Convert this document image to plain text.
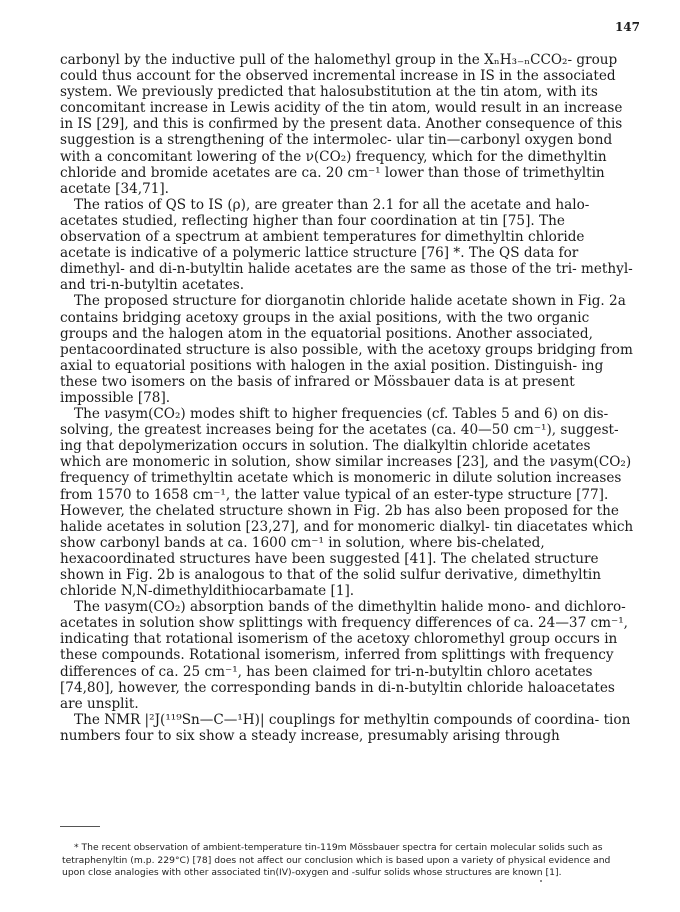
147

carbonyl by the inductive pull of the halomethyl group in the XₙH₃₋ₙCCO₂- group could thus account for the observed incremental increase in IS in the associated system. We previously predicted that halosubstitution at the tin atom, with its concomitant increase in Lewis acidity of the tin atom, would result in an increase in IS [29], and this is confirmed by the present data. Another consequence of this suggestion is a strengthening of the intermolec- ular tin—carbonyl oxygen bond with a concomitant lowering of the ν(CO₂) frequency, which for the dimethyltin chloride and bromide acetates are ca. 20 cm⁻¹ lower than those of trimethyltin acetate [34,71].

The ratios of QS to IS (ρ), are greater than 2.1 for all the acetate and halo- acetates studied, reflecting higher than four coordination at tin [75]. The observation of a spectrum at ambient temperatures for dimethyltin chloride acetate is indicative of a polymeric lattice structure [76] *. The QS data for dimethyl- and di-n-butyltin halide acetates are the same as those of the tri- methyl- and tri-n-butyltin acetates.

The proposed structure for diorganotin chloride halide acetate shown in Fig. 2a contains bridging acetoxy groups in the axial positions, with the two organic groups and the halogen atom in the equatorial positions. Another associated, pentacoordinated structure is also possible, with the acetoxy groups bridging from axial to equatorial positions with halogen in the axial position. Distinguish- ing these two isomers on the basis of infrared or Mössbauer data is at present impossible [78].

The νasym(CO₂) modes shift to higher frequencies (cf. Tables 5 and 6) on dis- solving, the greatest increases being for the acetates (ca. 40—50 cm⁻¹), suggest- ing that depolymerization occurs in solution. The dialkyltin chloride acetates which are monomeric in solution, show similar increases [23], and the νasym(CO₂) frequency of trimethyltin acetate which is monomeric in dilute solution increases from 1570 to 1658 cm⁻¹, the latter value typical of an ester-type structure [77]. However, the chelated structure shown in Fig. 2b has also been proposed for the halide acetates in solution [23,27], and for monomeric dialkyl- tin diacetates which show carbonyl bands at ca. 1600 cm⁻¹ in solution, where bis-chelated, hexacoordinated structures have been suggested [41]. The chelated structure shown in Fig. 2b is analogous to that of the solid sulfur derivative, dimethyltin chloride N,N-dimethyldithiocarbamate [1].

The νasym(CO₂) absorption bands of the dimethyltin halide mono- and dichloro- acetates in solution show splittings with frequency differences of ca. 24—37 cm⁻¹, indicating that rotational isomerism of the acetoxy chloromethyl group occurs in these compounds. Rotational isomerism, inferred from splittings with frequency differences of ca. 25 cm⁻¹, has been claimed for tri-n-butyltin chloro acetates [74,80], however, the corresponding bands in di-n-butyltin chloride haloacetates are unsplit.

The NMR |²J(¹¹⁹Sn—C—¹H)| couplings for methyltin compounds of coordina- tion numbers four to six show a steady increase, presumably arising through

* The recent observation of ambient-temperature tin-119m Mössbauer spectra for certain molecular solids such as tetraphenyltin (m.p. 229°C) [78] does not affect our conclusion which is based upon a variety of physical evidence and upon close analogies with other associated tin(IV)-oxygen and -sulfur solids whose structures are known [1].
